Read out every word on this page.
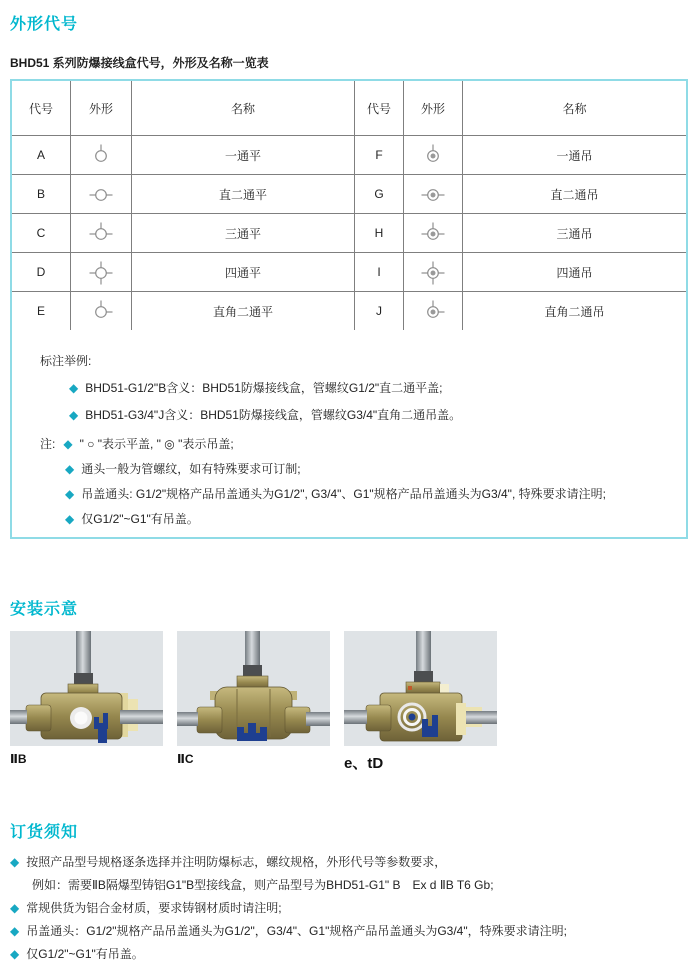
外形代号

BHD51 系列防爆接线盒代号，外形及名称一览表

代号	外形	名称	代号	外形	名称
A		一通平	F		一通吊
B		直二通平	G		直二通吊
C		三通平	H		三通吊
D		四通平	I		四通吊
E		直角二通平	J		直角二通吊
标注举例:
◆ BHD51-G1/2"B含义：BHD51防爆接线盒，管螺纹G1/2"直二通平盖;
◆ BHD51-G3/4"J含义：BHD51防爆接线盒，管螺纹G3/4"直角二通吊盖。
注: ◆ " ○ "表示平盖, " ◎ "表示吊盖;
◆ 通头一般为管螺纹，如有特殊要求可订制;
◆ 吊盖通头: G1/2"规格产品吊盖通头为G1/2", G3/4"、G1"规格产品吊盖通头为G3/4", 特殊要求请注明;
◆ 仅G1/2"~G1"有吊盖。
安装示意
ⅡB	ⅡC	e、tD
订货须知
◆ 按照产品型号规格逐条选择并注明防爆标志，螺纹规格，外形代号等参数要求，
例如：需要ⅡB隔爆型铸铝G1"B型接线盒，则产品型号为BHD51-G1" B　Ex d ⅡB T6 Gb;
◆ 常规供货为铝合金材质，要求铸钢材质时请注明;
◆ 吊盖通头：G1/2"规格产品吊盖通头为G1/2"，G3/4"、G1"规格产品吊盖通头为G3/4"，特殊要求请注明;
◆ 仅G1/2"~G1"有吊盖。
